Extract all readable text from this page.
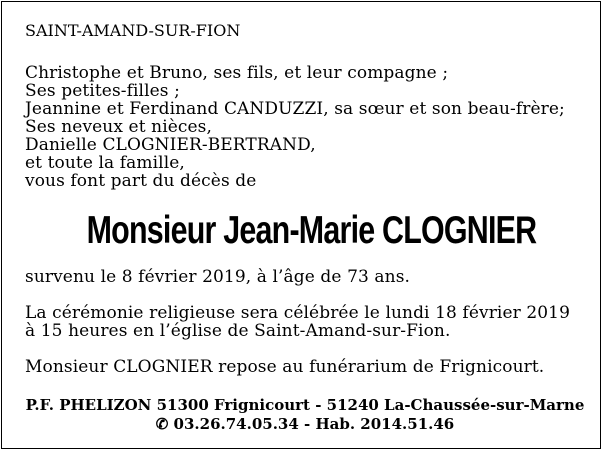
SAINT-AMAND-SUR-FION
Christophe et Bruno, ses fils, et leur compagne ;
Ses petites-filles ;
Jeannine et Ferdinand CANDUZZI, sa sœur et son beau-frère;
Ses neveux et nièces,
Danielle CLOGNIER-BERTRAND,
et toute la famille,
vous font part du décès de
Monsieur Jean-Marie CLOGNIER
survenu le 8 février 2019, à l’âge de 73 ans.
La cérémonie religieuse sera célébrée le lundi 18 février 2019
à 15 heures en l’église de Saint-Amand-sur-Fion.
Monsieur CLOGNIER repose au funérarium de Frignicourt.
P.F. PHELIZON 51300 Frignicourt - 51240 La-Chaussée-sur-Marne
✆ 03.26.74.05.34 - Hab. 2014.51.46
